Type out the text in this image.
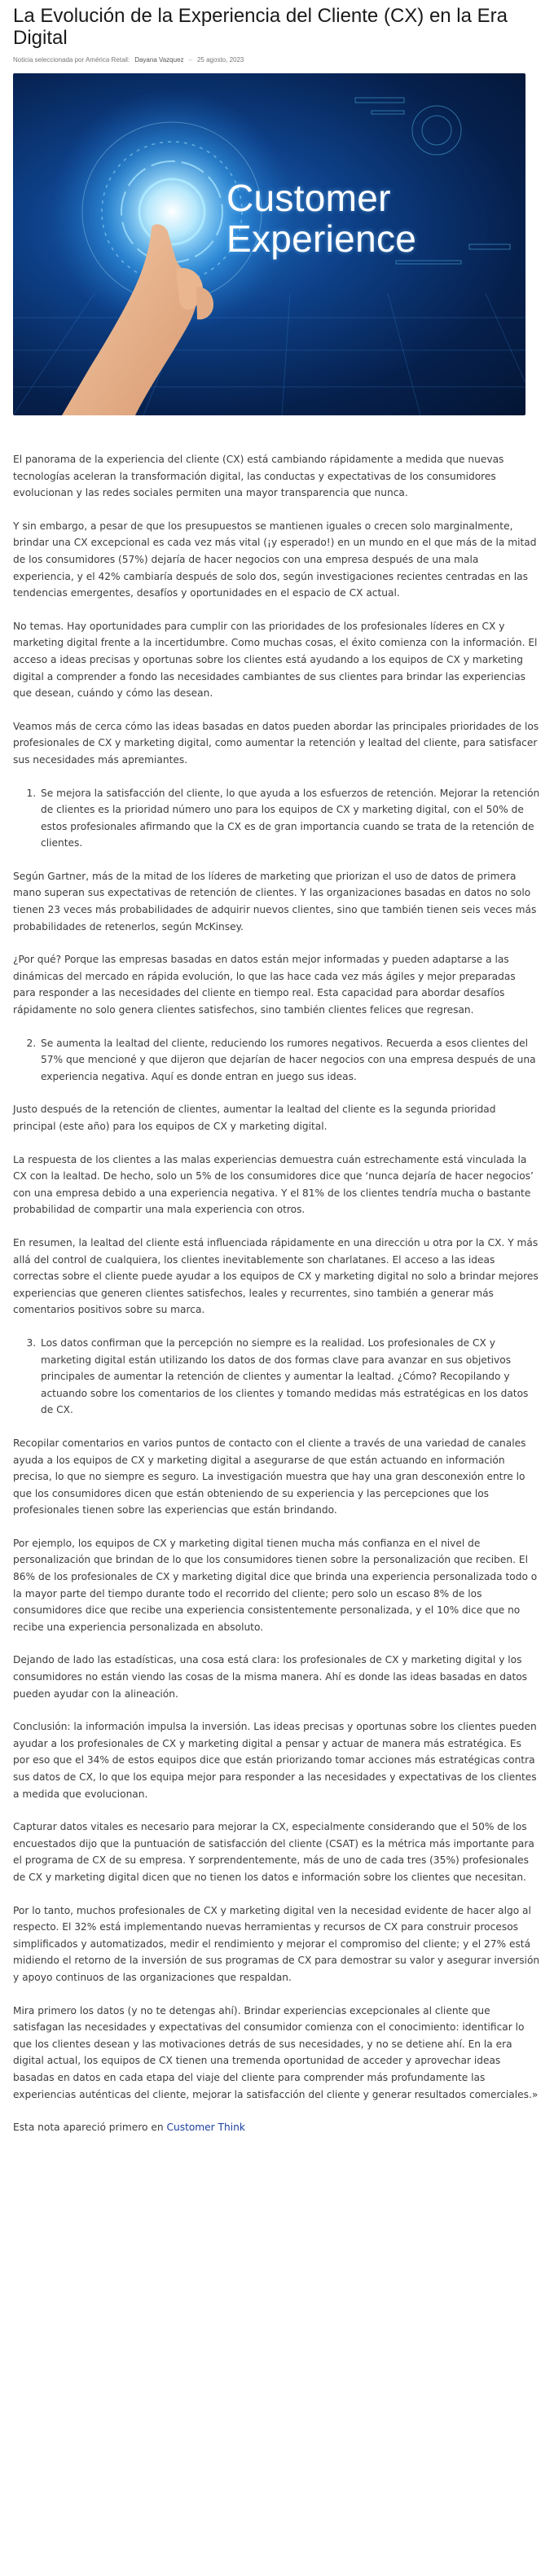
La Evolución de la Experiencia del Cliente (CX) en la Era Digital
Noticia seleccionada por América Retail: Dayana Vazquez – 25 agosto, 2023
Customer
Experience

El panorama de la experiencia del cliente (CX) está cambiando rápidamente a medida que nuevas tecnologías aceleran la transformación digital, las conductas y expectativas de los consumidores evolucionan y las redes sociales permiten una mayor transparencia que nunca.

Y sin embargo, a pesar de que los presupuestos se mantienen iguales o crecen solo marginalmente, brindar una CX excepcional es cada vez más vital (¡y esperado!) en un mundo en el que más de la mitad de los consumidores (57%) dejaría de hacer negocios con una empresa después de una mala experiencia, y el 42% cambiaría después de solo dos, según investigaciones recientes centradas en las tendencias emergentes, desafíos y oportunidades en el espacio de CX actual.

No temas. Hay oportunidades para cumplir con las prioridades de los profesionales líderes en CX y marketing digital frente a la incertidumbre. Como muchas cosas, el éxito comienza con la información. El acceso a ideas precisas y oportunas sobre los clientes está ayudando a los equipos de CX y marketing digital a comprender a fondo las necesidades cambiantes de sus clientes para brindar las experiencias que desean, cuándo y cómo las desean.

Veamos más de cerca cómo las ideas basadas en datos pueden abordar las principales prioridades de los profesionales de CX y marketing digital, como aumentar la retención y lealtad del cliente, para satisfacer sus necesidades más apremiantes.

1. Se mejora la satisfacción del cliente, lo que ayuda a los esfuerzos de retención. Mejorar la retención de clientes es la prioridad número uno para los equipos de CX y marketing digital, con el 50% de estos profesionales afirmando que la CX es de gran importancia cuando se trata de la retención de clientes.

Según Gartner, más de la mitad de los líderes de marketing que priorizan el uso de datos de primera mano superan sus expectativas de retención de clientes. Y las organizaciones basadas en datos no solo tienen 23 veces más probabilidades de adquirir nuevos clientes, sino que también tienen seis veces más probabilidades de retenerlos, según McKinsey.

¿Por qué? Porque las empresas basadas en datos están mejor informadas y pueden adaptarse a las dinámicas del mercado en rápida evolución, lo que las hace cada vez más ágiles y mejor preparadas para responder a las necesidades del cliente en tiempo real. Esta capacidad para abordar desafíos rápidamente no solo genera clientes satisfechos, sino también clientes felices que regresan.

2. Se aumenta la lealtad del cliente, reduciendo los rumores negativos. Recuerda a esos clientes del 57% que mencioné y que dijeron que dejarían de hacer negocios con una empresa después de una experiencia negativa. Aquí es donde entran en juego sus ideas.

Justo después de la retención de clientes, aumentar la lealtad del cliente es la segunda prioridad principal (este año) para los equipos de CX y marketing digital.

La respuesta de los clientes a las malas experiencias demuestra cuán estrechamente está vinculada la CX con la lealtad. De hecho, solo un 5% de los consumidores dice que ‘nunca dejaría de hacer negocios’ con una empresa debido a una experiencia negativa. Y el 81% de los clientes tendría mucha o bastante probabilidad de compartir una mala experiencia con otros.

En resumen, la lealtad del cliente está influenciada rápidamente en una dirección u otra por la CX. Y más allá del control de cualquiera, los clientes inevitablemente son charlatanes. El acceso a las ideas correctas sobre el cliente puede ayudar a los equipos de CX y marketing digital no solo a brindar mejores experiencias que generen clientes satisfechos, leales y recurrentes, sino también a generar más comentarios positivos sobre su marca.

3. Los datos confirman que la percepción no siempre es la realidad. Los profesionales de CX y marketing digital están utilizando los datos de dos formas clave para avanzar en sus objetivos principales de aumentar la retención de clientes y aumentar la lealtad. ¿Cómo? Recopilando y actuando sobre los comentarios de los clientes y tomando medidas más estratégicas en los datos de CX.

Recopilar comentarios en varios puntos de contacto con el cliente a través de una variedad de canales ayuda a los equipos de CX y marketing digital a asegurarse de que están actuando en información precisa, lo que no siempre es seguro. La investigación muestra que hay una gran desconexión entre lo que los consumidores dicen que están obteniendo de su experiencia y las percepciones que los profesionales tienen sobre las experiencias que están brindando.

Por ejemplo, los equipos de CX y marketing digital tienen mucha más confianza en el nivel de personalización que brindan de lo que los consumidores tienen sobre la personalización que reciben. El 86% de los profesionales de CX y marketing digital dice que brinda una experiencia personalizada todo o la mayor parte del tiempo durante todo el recorrido del cliente; pero solo un escaso 8% de los consumidores dice que recibe una experiencia consistentemente personalizada, y el 10% dice que no recibe una experiencia personalizada en absoluto.

Dejando de lado las estadísticas, una cosa está clara: los profesionales de CX y marketing digital y los consumidores no están viendo las cosas de la misma manera. Ahí es donde las ideas basadas en datos pueden ayudar con la alineación.

Conclusión: la información impulsa la inversión. Las ideas precisas y oportunas sobre los clientes pueden ayudar a los profesionales de CX y marketing digital a pensar y actuar de manera más estratégica. Es por eso que el 34% de estos equipos dice que están priorizando tomar acciones más estratégicas contra sus datos de CX, lo que los equipa mejor para responder a las necesidades y expectativas de los clientes a medida que evolucionan.

Capturar datos vitales es necesario para mejorar la CX, especialmente considerando que el 50% de los encuestados dijo que la puntuación de satisfacción del cliente (CSAT) es la métrica más importante para el programa de CX de su empresa. Y sorprendentemente, más de uno de cada tres (35%) profesionales de CX y marketing digital dicen que no tienen los datos e información sobre los clientes que necesitan.

Por lo tanto, muchos profesionales de CX y marketing digital ven la necesidad evidente de hacer algo al respecto. El 32% está implementando nuevas herramientas y recursos de CX para construir procesos simplificados y automatizados, medir el rendimiento y mejorar el compromiso del cliente; y el 27% está midiendo el retorno de la inversión de sus programas de CX para demostrar su valor y asegurar inversión y apoyo continuos de las organizaciones que respaldan.

Mira primero los datos (y no te detengas ahí). Brindar experiencias excepcionales al cliente que satisfagan las necesidades y expectativas del consumidor comienza con el conocimiento: identificar lo que los clientes desean y las motivaciones detrás de sus necesidades, y no se detiene ahí. En la era digital actual, los equipos de CX tienen una tremenda oportunidad de acceder y aprovechar ideas basadas en datos en cada etapa del viaje del cliente para comprender más profundamente las experiencias auténticas del cliente, mejorar la satisfacción del cliente y generar resultados comerciales.»

Esta nota apareció primero en Customer Think
